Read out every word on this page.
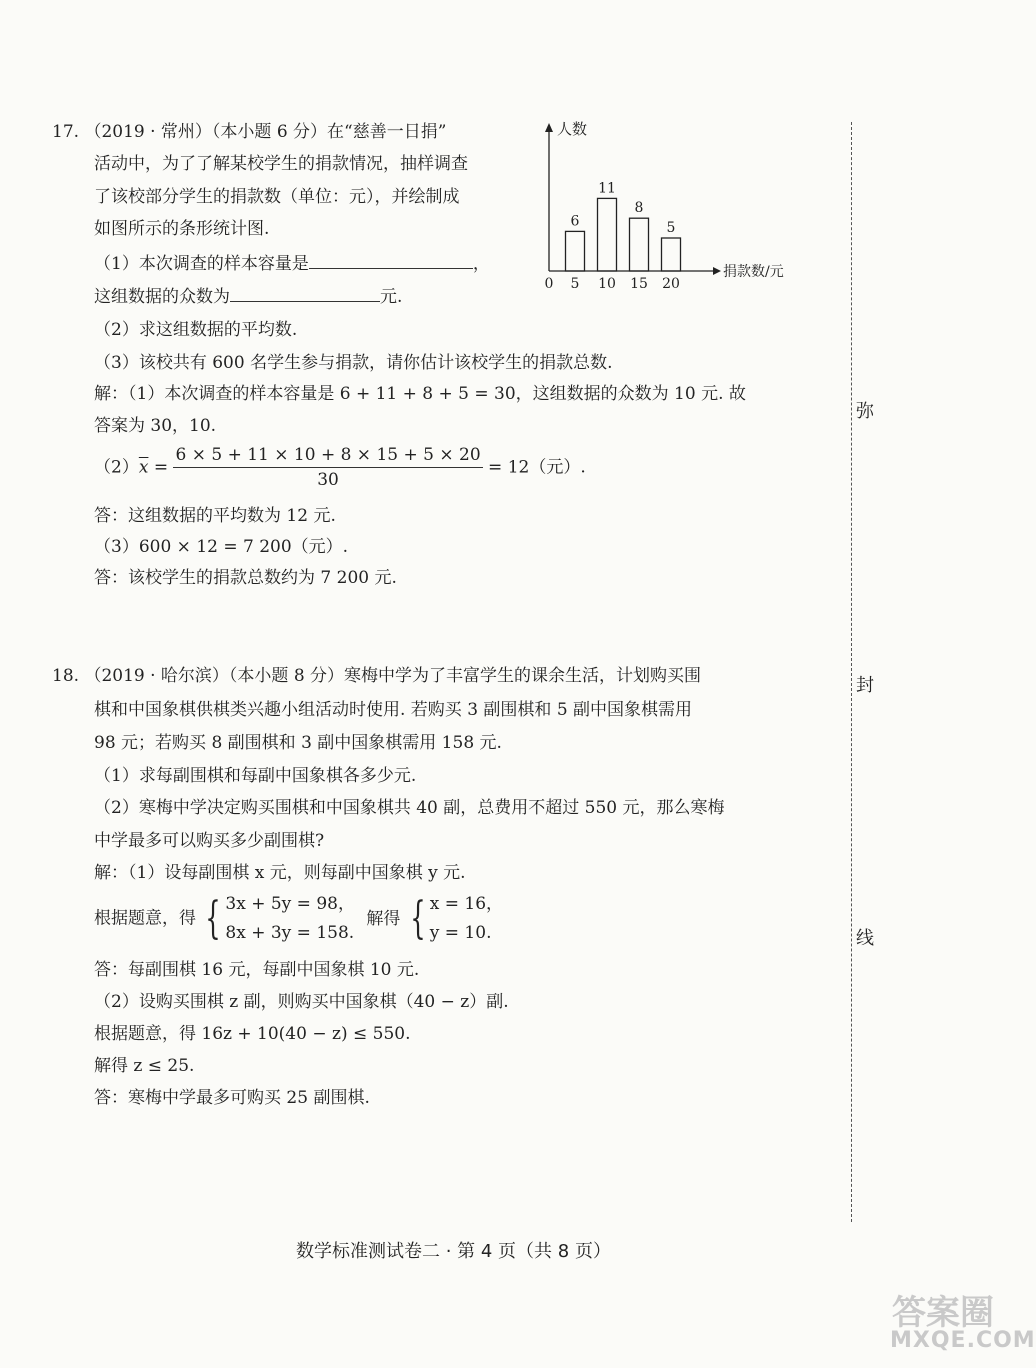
17. （2019 · 常州）（本小题 6 分）在“慈善一日捐”
活动中，为了了解某校学生的捐款情况，抽样调查
了该校部分学生的捐款数（单位：元），并绘制成
如图所示的条形统计图.
（1）本次调查的样本容量是	，
这组数据的众数为	元.
（2）求这组数据的平均数.
（3）该校共有 600 名学生参与捐款，请你估计该校学生的捐款总数.
解：（1）本次调查的样本容量是 6 + 11 + 8 + 5 = 30，这组数据的众数为 10 元. 故
答案为 30，10.
$(2)\overline{x} = \frac{6 \times 5 + 11 \times 10 + 8 \times 15 + 5 \times 20}{30} = 12$（元）.
答：这组数据的平均数为 12 元.
（3）600 × 12 = 7 200（元）.
答：该校学生的捐款总数约为 7 200 元.
人数
捐款数/元
0
6
5
11
10
8
15
5
20
18. （2019 · 哈尔滨）（本小题 8 分）寒梅中学为了丰富学生的课余生活，计划购买围
棋和中国象棋供棋类兴趣小组活动时使用. 若购买 3 副围棋和 5 副中国象棋需用
98 元；若购买 8 副围棋和 3 副中国象棋需用 158 元.
（1）求每副围棋和每副中国象棋各多少元.
（2）寒梅中学决定购买围棋和中国象棋共 40 副，总费用不超过 550 元，那么寒梅
中学最多可以购买多少副围棋?
解：（1）设每副围棋 x 元，则每副中国象棋 y 元.
根据题意，得 { 3x + 5y = 98，
8x + 3y = 158.
解得 { x = 16，
y = 10.
答：每副围棋 16 元，每副中国象棋 10 元.
（2）设购买围棋 z 副，则购买中国象棋（40 − z）副.
根据题意，得 16z + 10(40 − z) ≤ 550.
解得 z ≤ 25.
答：寒梅中学最多可购买 25 副围棋.
弥
封
线
数学标准测试卷二 · 第 4 页（共 8 页）
答案圈
MXQE.COM
